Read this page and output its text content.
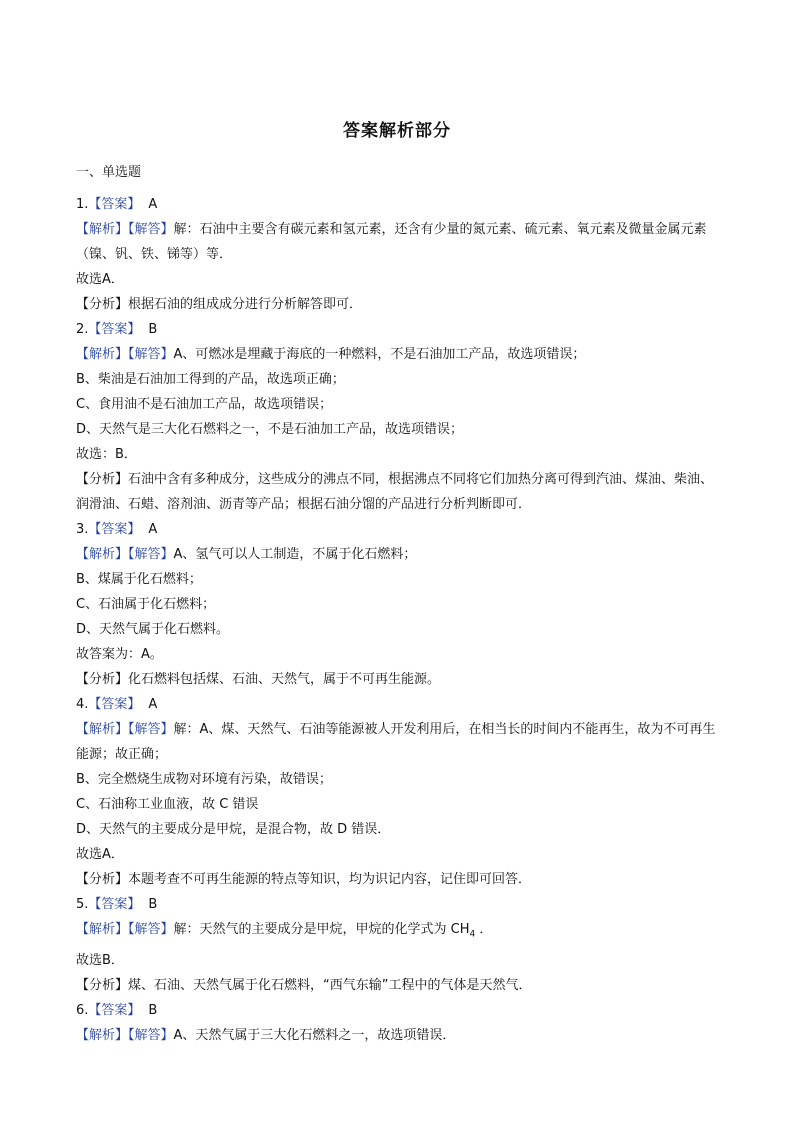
答案解析部分
一、单选题
1.【答案】 A
【解析】【解答】解：石油中主要含有碳元素和氢元素，还含有少量的氮元素、硫元素、氧元素及微量金属元素（镍、钒、铁、锑等）等．
故选A．
【分析】根据石油的组成成分进行分析解答即可．
2.【答案】 B
【解析】【解答】A、可燃冰是埋藏于海底的一种燃料，不是石油加工产品，故选项错误；
B、柴油是石油加工得到的产品，故选项正确；
C、食用油不是石油加工产品，故选项错误；
D、天然气是三大化石燃料之一，不是石油加工产品，故选项错误；
故选：B．
【分析】石油中含有多种成分，这些成分的沸点不同，根据沸点不同将它们加热分离可得到汽油、煤油、柴油、润滑油、石蜡、溶剂油、沥青等产品；根据石油分馏的产品进行分析判断即可．
3.【答案】 A
【解析】【解答】A、氢气可以人工制造，不属于化石燃料；
B、煤属于化石燃料；
C、石油属于化石燃料；
D、天然气属于化石燃料。
故答案为：A。
【分析】化石燃料包括煤、石油、天然气，属于不可再生能源。
4.【答案】 A
【解析】【解答】解：A、煤、天然气、石油等能源被人开发利用后，在相当长的时间内不能再生，故为不可再生能源；故正确；
B、完全燃烧生成物对环境有污染，故错误；
C、石油称工业血液，故 C 错误
D、天然气的主要成分是甲烷，是混合物，故 D 错误．
故选A．
【分析】本题考查不可再生能源的特点等知识，均为识记内容，记住即可回答．
5.【答案】 B
【解析】【解答】解：天然气的主要成分是甲烷，甲烷的化学式为 $CH_4$ ．
故选B．
【分析】煤、石油、天然气属于化石燃料，“西气东输”工程中的气体是天然气．
6.【答案】 B
【解析】【解答】A、天然气属于三大化石燃料之一，故选项错误．
